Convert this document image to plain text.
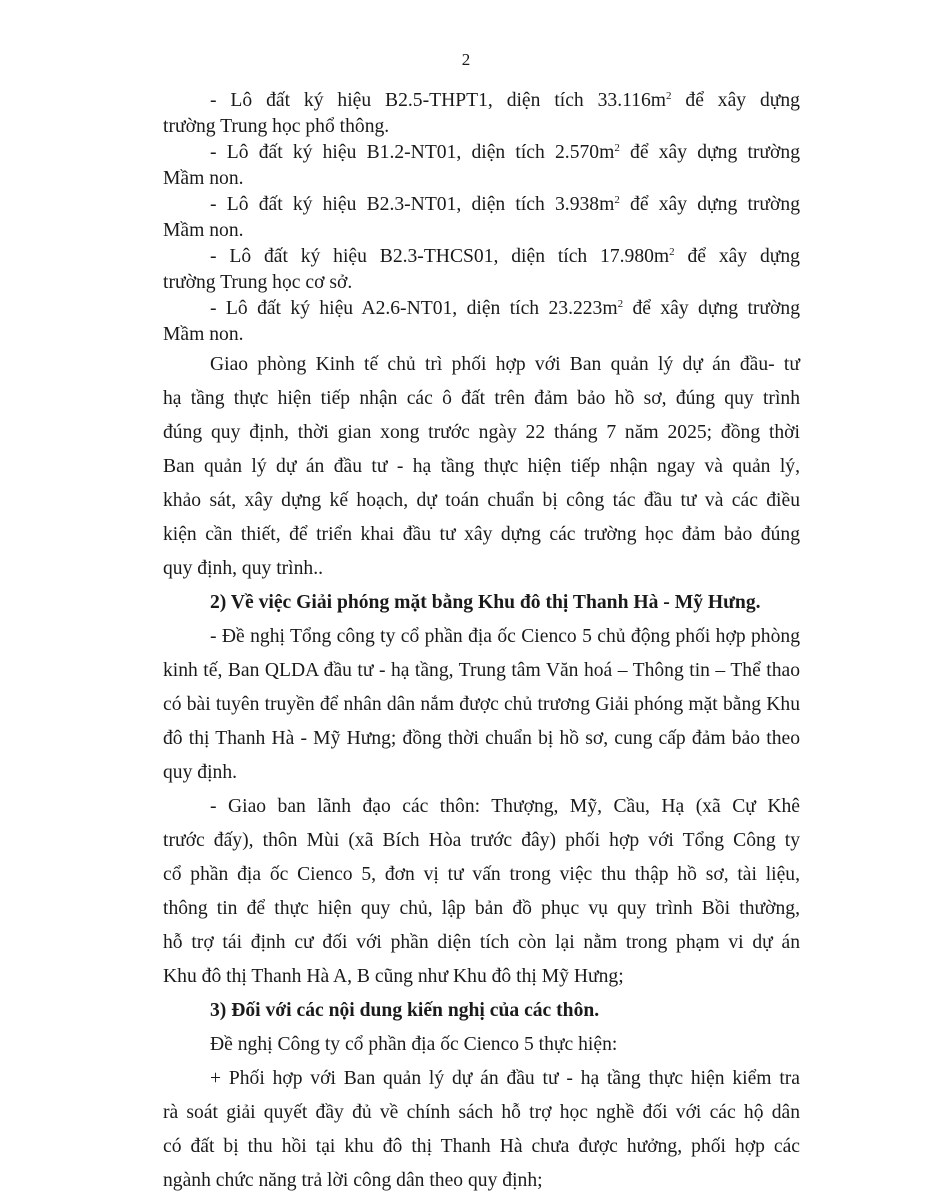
2
- Lô đất ký hiệu B2.5-THPT1, diện tích $33.116m^2$ để xây dựng
trường Trung học phổ thông.
- Lô đất ký hiệu B1.2-NT01, diện tích $2.570m^2$ để xây dựng trường
Mầm non.
- Lô đất ký hiệu B2.3-NT01, diện tích $3.938m^2$ để xây dựng trường
Mầm non.
- Lô đất ký hiệu B2.3-THCS01, diện tích $17.980m^2$ để xây dựng
trường Trung học cơ sở.
- Lô đất ký hiệu A2.6-NT01, diện tích $23.223m^2$ để xây dựng trường
Mầm non.
Giao phòng Kinh tế chủ trì phối hợp với Ban quản lý dự án đầu- tư
hạ tầng thực hiện tiếp nhận các ô đất trên đảm bảo hồ sơ, đúng quy trình
đúng quy định, thời gian xong trước ngày 22 tháng 7 năm 2025; đồng thời
Ban quản lý dự án đầu tư - hạ tầng thực hiện tiếp nhận ngay và quản lý,
khảo sát, xây dựng kế hoạch, dự toán chuẩn bị công tác đầu tư và các điều
kiện cần thiết, để triển khai đầu tư xây dựng các trường học đảm bảo đúng
quy định, quy trình..
2) Về việc Giải phóng mặt bằng Khu đô thị Thanh Hà - Mỹ Hưng.
- Đề nghị Tổng công ty cổ phần địa ốc Cienco 5 chủ động phối hợp phòng
kinh tế, Ban QLDA đầu tư - hạ tầng, Trung tâm Văn hoá – Thông tin – Thể thao
có bài tuyên truyền để nhân dân nắm được chủ trương Giải phóng mặt bằng Khu
đô thị Thanh Hà - Mỹ Hưng; đồng thời chuẩn bị hồ sơ, cung cấp đảm bảo theo
quy định.
- Giao ban lãnh đạo các thôn: Thượng, Mỹ, Cầu, Hạ (xã Cự Khê
trước đấy), thôn Mùi (xã Bích Hòa trước đây) phối hợp với Tổng Công ty
cổ phần địa ốc Cienco 5, đơn vị tư vấn trong việc thu thập hồ sơ, tài liệu,
thông tin để thực hiện quy chủ, lập bản đồ phục vụ quy trình Bồi thường,
hỗ trợ tái định cư đối với phần diện tích còn lại nằm trong phạm vi dự án
Khu đô thị Thanh Hà A, B cũng như Khu đô thị Mỹ Hưng;
3) Đối với các nội dung kiến nghị của các thôn.
Đề nghị Công ty cổ phần địa ốc Cienco 5 thực hiện:
+ Phối hợp với Ban quản lý dự án đầu tư - hạ tầng thực hiện kiểm tra
rà soát giải quyết đầy đủ về chính sách hỗ trợ học nghề đối với các hộ dân
có đất bị thu hồi tại khu đô thị Thanh Hà chưa được hưởng, phối hợp các
ngành chức năng trả lời công dân theo quy định;
